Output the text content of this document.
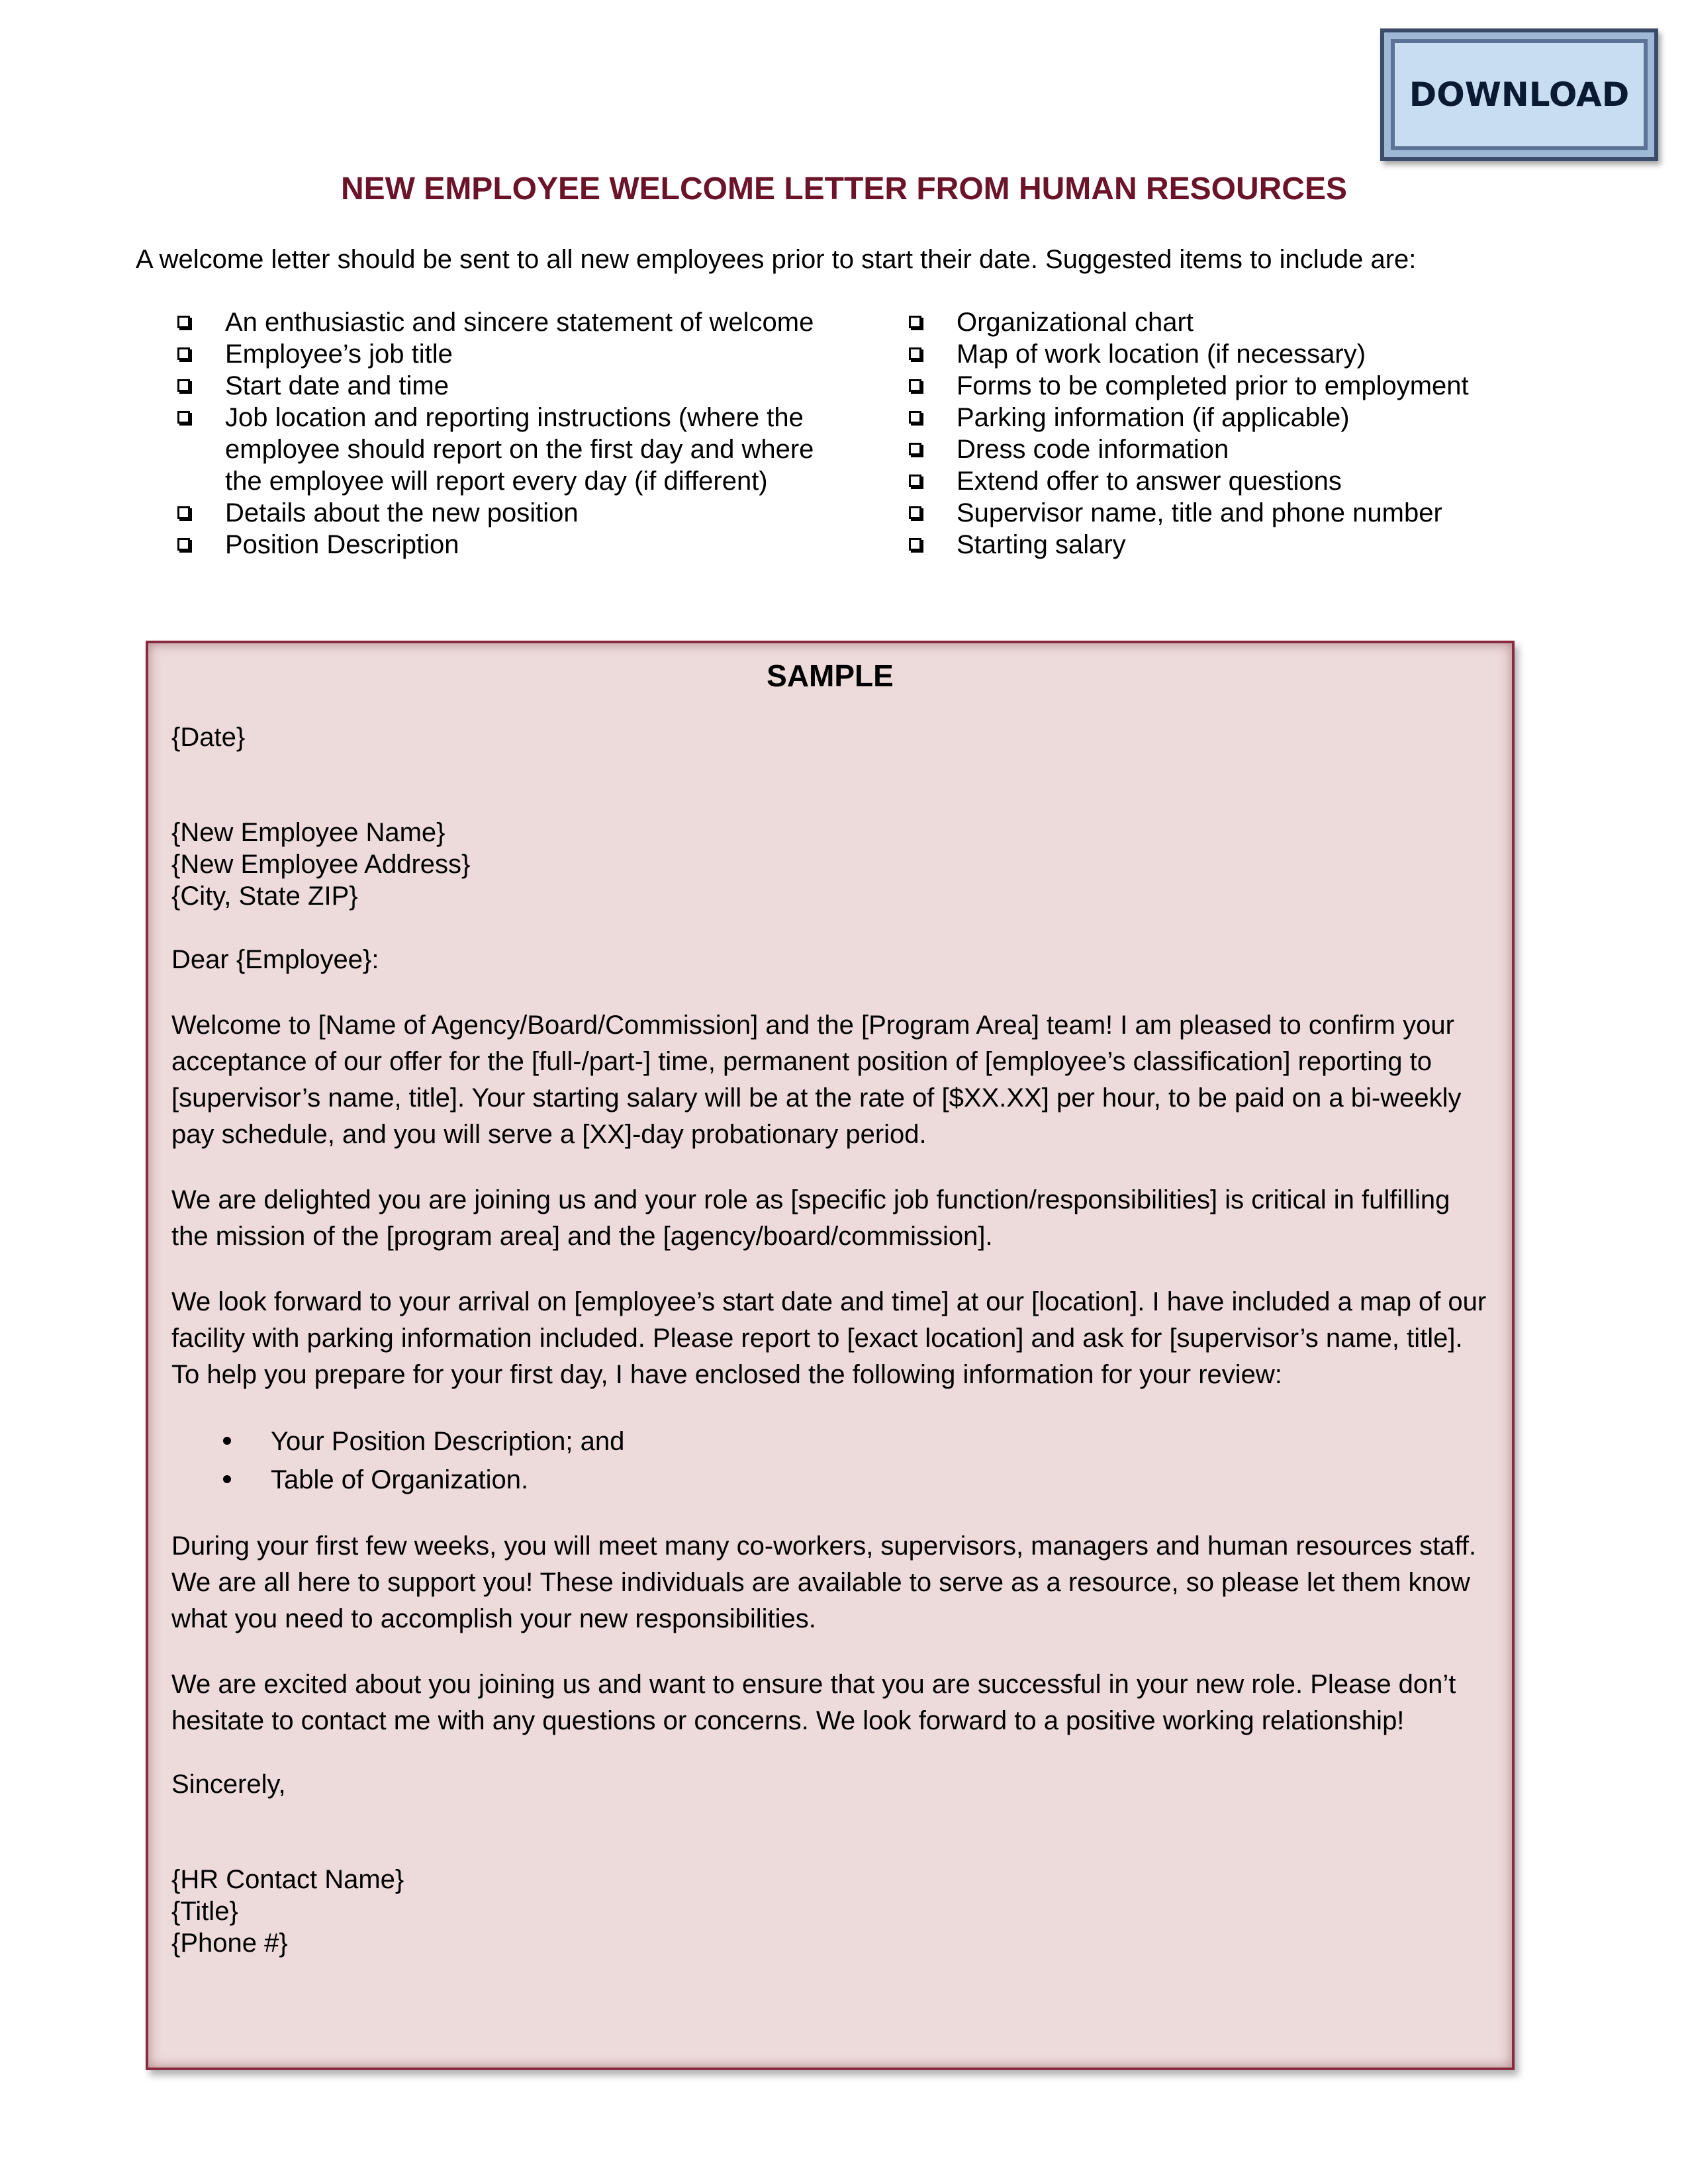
DOWNLOAD
NEW EMPLOYEE WELCOME LETTER FROM HUMAN RESOURCES

A welcome letter should be sent to all new employees prior to start their date. Suggested items to include are:

An enthusiastic and sincere statement of welcome
Employee’s job title
Start date and time
Job location and reporting instructions (where the employee should report on the first day and where the employee will report every day (if different)
Details about the new position
Position Description
Organizational chart
Map of work location (if necessary)
Forms to be completed prior to employment
Parking information (if applicable)
Dress code information
Extend offer to answer questions
Supervisor name, title and phone number
Starting salary
SAMPLE

{Date}

{New Employee Name}

{New Employee Address}

{City, State ZIP}

Dear {Employee}:

Welcome to [Name of Agency/Board/Commission] and the [Program Area] team! I am pleased to confirm your acceptance of our offer for the [full-/part-] time, permanent position of [employee’s classification] reporting to [supervisor’s name, title]. Your starting salary will be at the rate of [$XX.XX] per hour, to be paid on a bi-weekly pay schedule, and you will serve a [XX]-day probationary period.

We are delighted you are joining us and your role as [specific job function/responsibilities] is critical in fulfilling the mission of the [program area] and the [agency/board/commission].

We look forward to your arrival on [employee’s start date and time] at our [location]. I have included a map of our facility with parking information included. Please report to [exact location] and ask for [supervisor’s name, title]. To help you prepare for your first day, I have enclosed the following information for your review:

Your Position Description; and
Table of Organization.

During your first few weeks, you will meet many co-workers, supervisors, managers and human resources staff. We are all here to support you! These individuals are available to serve as a resource, so please let them know what you need to accomplish your new responsibilities.

We are excited about you joining us and want to ensure that you are successful in your new role. Please don’t hesitate to contact me with any questions or concerns. We look forward to a positive working relationship!

Sincerely,

{HR Contact Name}

{Title}

{Phone #}
